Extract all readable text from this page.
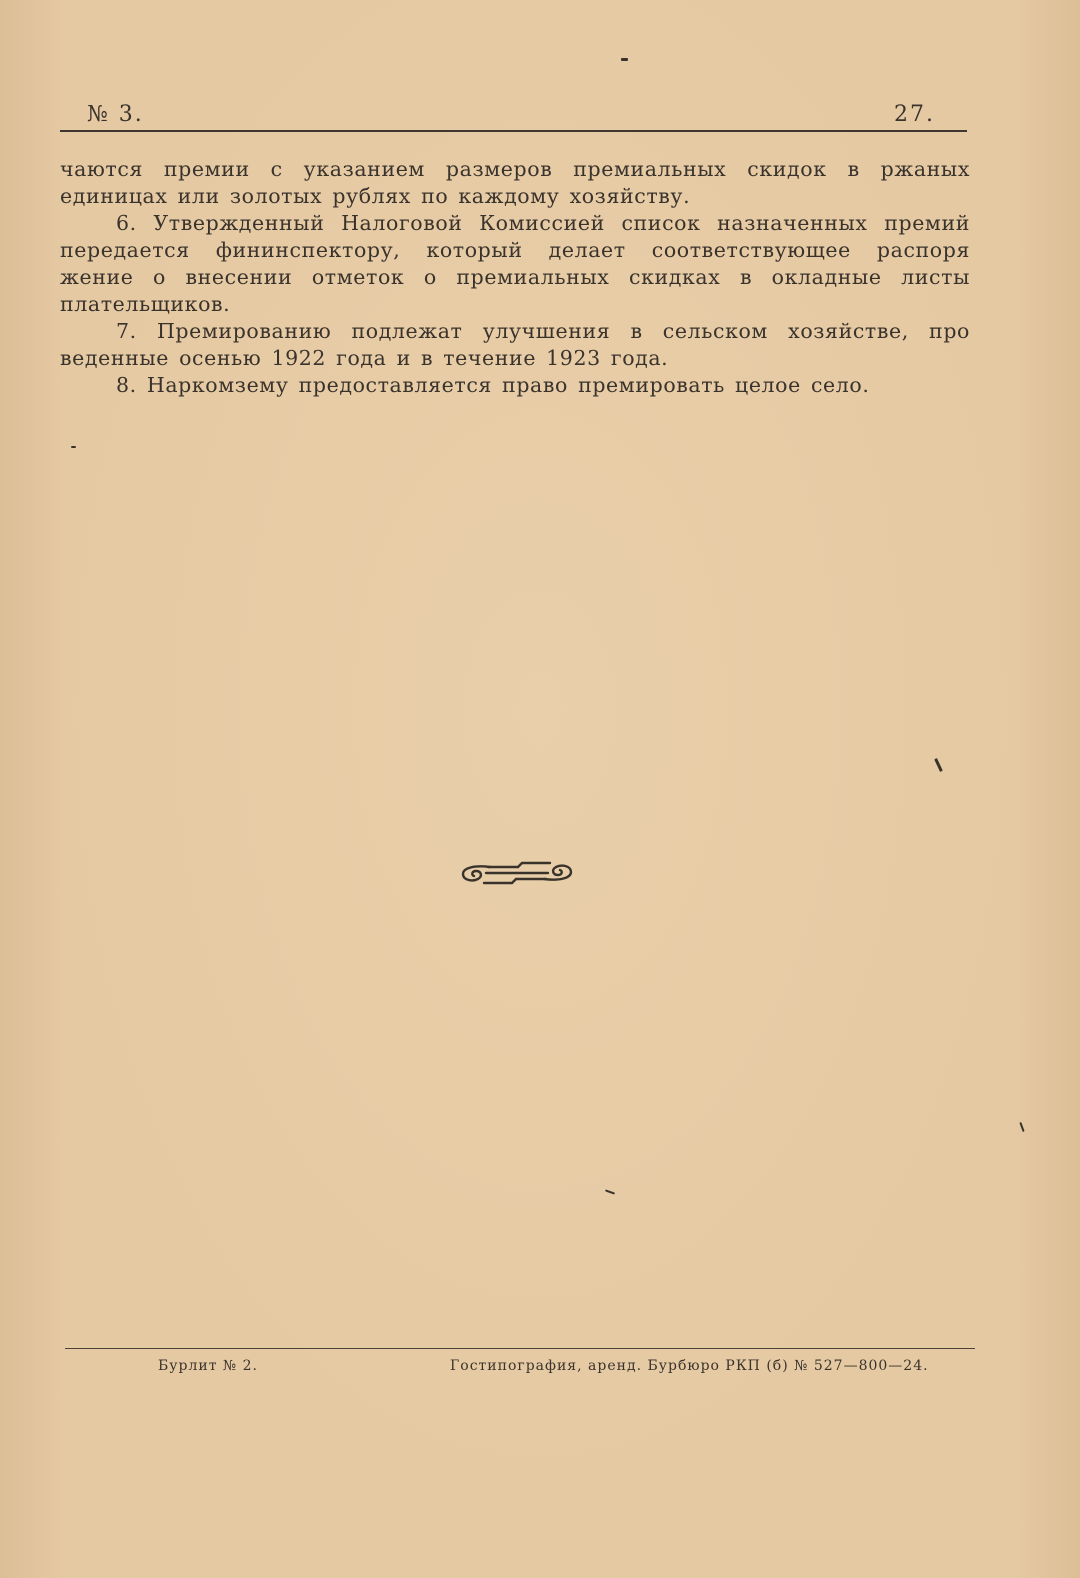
№ 3.	27.

чаются премии с указанием размеров премиальных скидок в ржаных единицах или золотых рублях по каждому хозяйству.

6. Утвержденный Налоговой Комиссией список назначенных премий передается фининспектору, который делает соответствующее распоря жение о внесении отметок о премиальных скидках в окладные листы плательщиков.

7. Премированию подлежат улучшения в сельском хозяйстве, про веденные осенью 1922 года и в течение 1923 года.

8. Наркомзему предоставляется право премировать целое село.

Бурлит № 2.	Гостипография, аренд. Бурбюро РКП (б) № 527—800—24.
